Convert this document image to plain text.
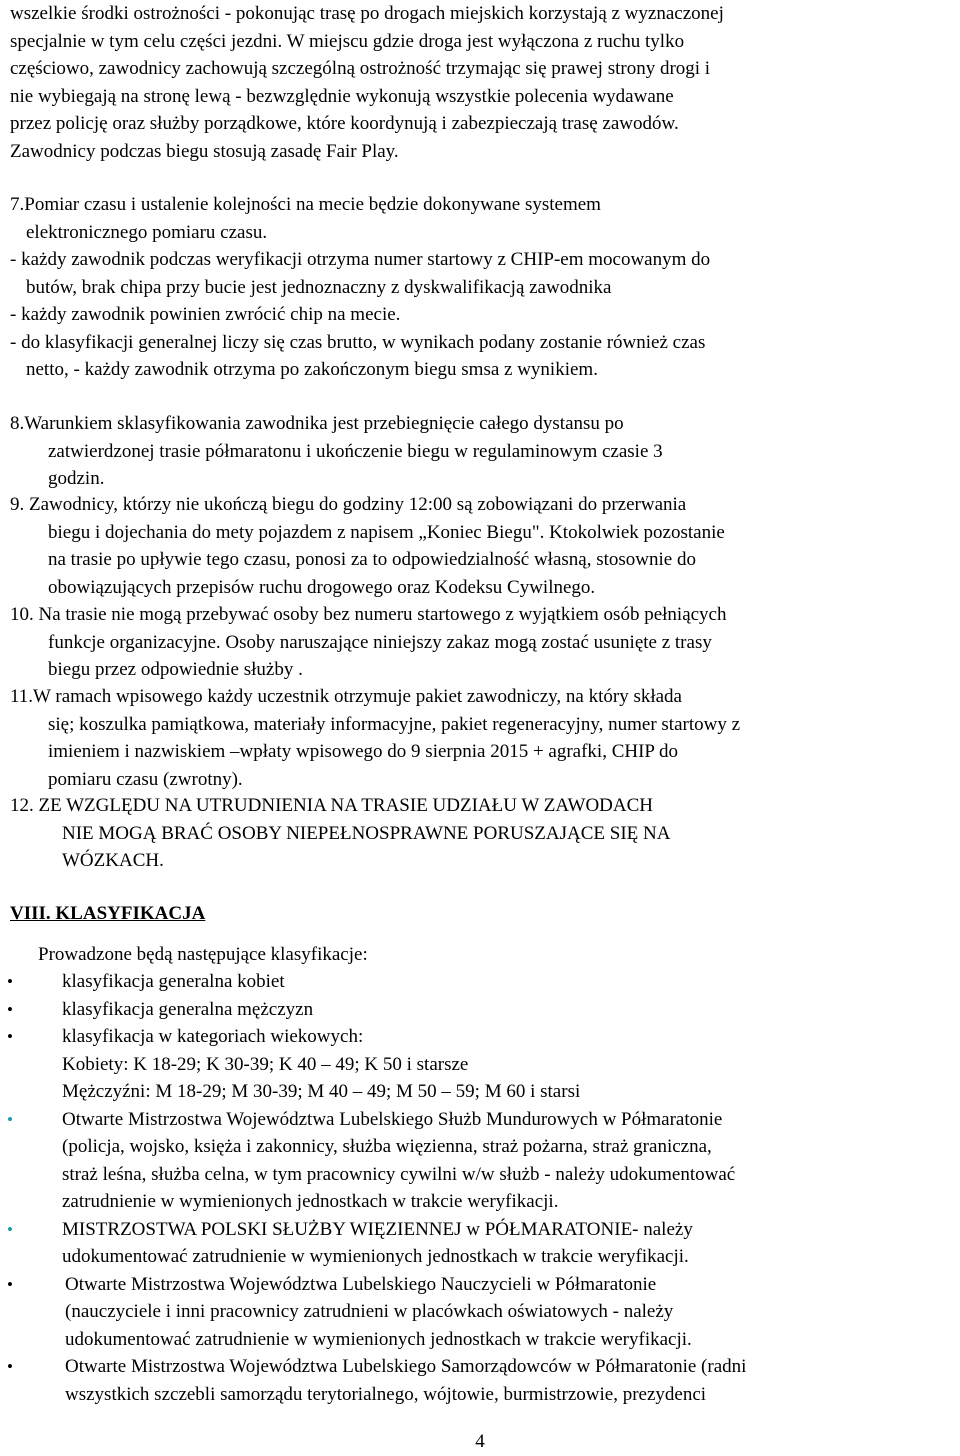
wszelkie środki ostrożności - pokonując trasę po drogach miejskich korzystają z wyznaczonej
specjalnie w tym celu części jezdni. W miejscu gdzie droga jest wyłączona z ruchu tylko
częściowo, zawodnicy zachowują szczególną ostrożność trzymając się prawej strony drogi i
nie wybiegają na stronę lewą - bezwzględnie wykonują wszystkie polecenia wydawane
przez policję oraz służby porządkowe, które koordynują i zabezpieczają trasę zawodów.
Zawodnicy podczas biegu stosują zasadę Fair Play.
7.Pomiar czasu i ustalenie kolejności na mecie będzie dokonywane systemem
elektronicznego pomiaru czasu.
- każdy zawodnik podczas weryfikacji otrzyma numer startowy z CHIP-em mocowanym do
butów, brak chipa przy bucie jest jednoznaczny z dyskwalifikacją zawodnika
- każdy zawodnik powinien zwrócić chip na mecie.
- do klasyfikacji generalnej liczy się czas brutto, w wynikach podany zostanie również czas
netto, - każdy zawodnik otrzyma po zakończonym biegu smsa z wynikiem.
8.Warunkiem sklasyfikowania zawodnika jest przebiegnięcie całego dystansu po
zatwierdzonej trasie półmaratonu i ukończenie biegu w regulaminowym czasie 3
godzin.
9. Zawodnicy, którzy nie ukończą biegu do godziny 12:00 są zobowiązani do przerwania
biegu i dojechania do mety pojazdem z napisem „Koniec Biegu". Ktokolwiek pozostanie
na trasie po upływie tego czasu, ponosi za to odpowiedzialność własną, stosownie do
obowiązujących przepisów ruchu drogowego oraz Kodeksu Cywilnego.
10. Na trasie nie mogą przebywać osoby bez numeru startowego z wyjątkiem osób pełniących
funkcje organizacyjne. Osoby naruszające niniejszy zakaz mogą zostać usunięte z trasy
biegu przez odpowiednie służby .
11.W ramach wpisowego każdy uczestnik otrzymuje pakiet zawodniczy, na który składa
się; koszulka pamiątkowa, materiały informacyjne, pakiet regeneracyjny, numer startowy z
imieniem i nazwiskiem –wpłaty wpisowego do 9 sierpnia 2015 + agrafki, CHIP do
pomiaru czasu (zwrotny).
12. ZE WZGLĘDU NA UTRUDNIENIA NA TRASIE UDZIAŁU W ZAWODACH
NIE MOGĄ BRAĆ OSOBY NIEPEŁNOSPRAWNE PORUSZAJĄCE SIĘ NA
WÓZKACH.
VIII. KLASYFIKACJA
Prowadzone będą następujące klasyfikacje:
•	klasyfikacja generalna kobiet
•	klasyfikacja generalna mężczyzn
•	klasyfikacja w kategoriach wiekowych:
Kobiety: K 18-29; K 30-39; K 40 – 49; K 50 i starsze
Mężczyźni: M 18-29; M 30-39; M 40 – 49; M 50 – 59; M 60 i starsi
•	Otwarte Mistrzostwa Województwa Lubelskiego Służb Mundurowych w Półmaratonie
(policja, wojsko, księża i zakonnicy, służba więzienna, straż pożarna, straż graniczna,
straż leśna, służba celna, w tym pracownicy cywilni w/w służb - należy udokumentować
zatrudnienie w wymienionych jednostkach w trakcie weryfikacji.
•	MISTRZOSTWA POLSKI SŁUŻBY WIĘZIENNEJ w PÓŁMARATONIE- należy
udokumentować zatrudnienie w wymienionych jednostkach w trakcie weryfikacji.
•	Otwarte Mistrzostwa Województwa Lubelskiego Nauczycieli w Półmaratonie
(nauczyciele i inni pracownicy zatrudnieni w placówkach oświatowych - należy
udokumentować zatrudnienie w wymienionych jednostkach w trakcie weryfikacji.
•	Otwarte Mistrzostwa Województwa Lubelskiego Samorządowców w Półmaratonie (radni
wszystkich szczebli samorządu terytorialnego, wójtowie, burmistrzowie, prezydenci
4
